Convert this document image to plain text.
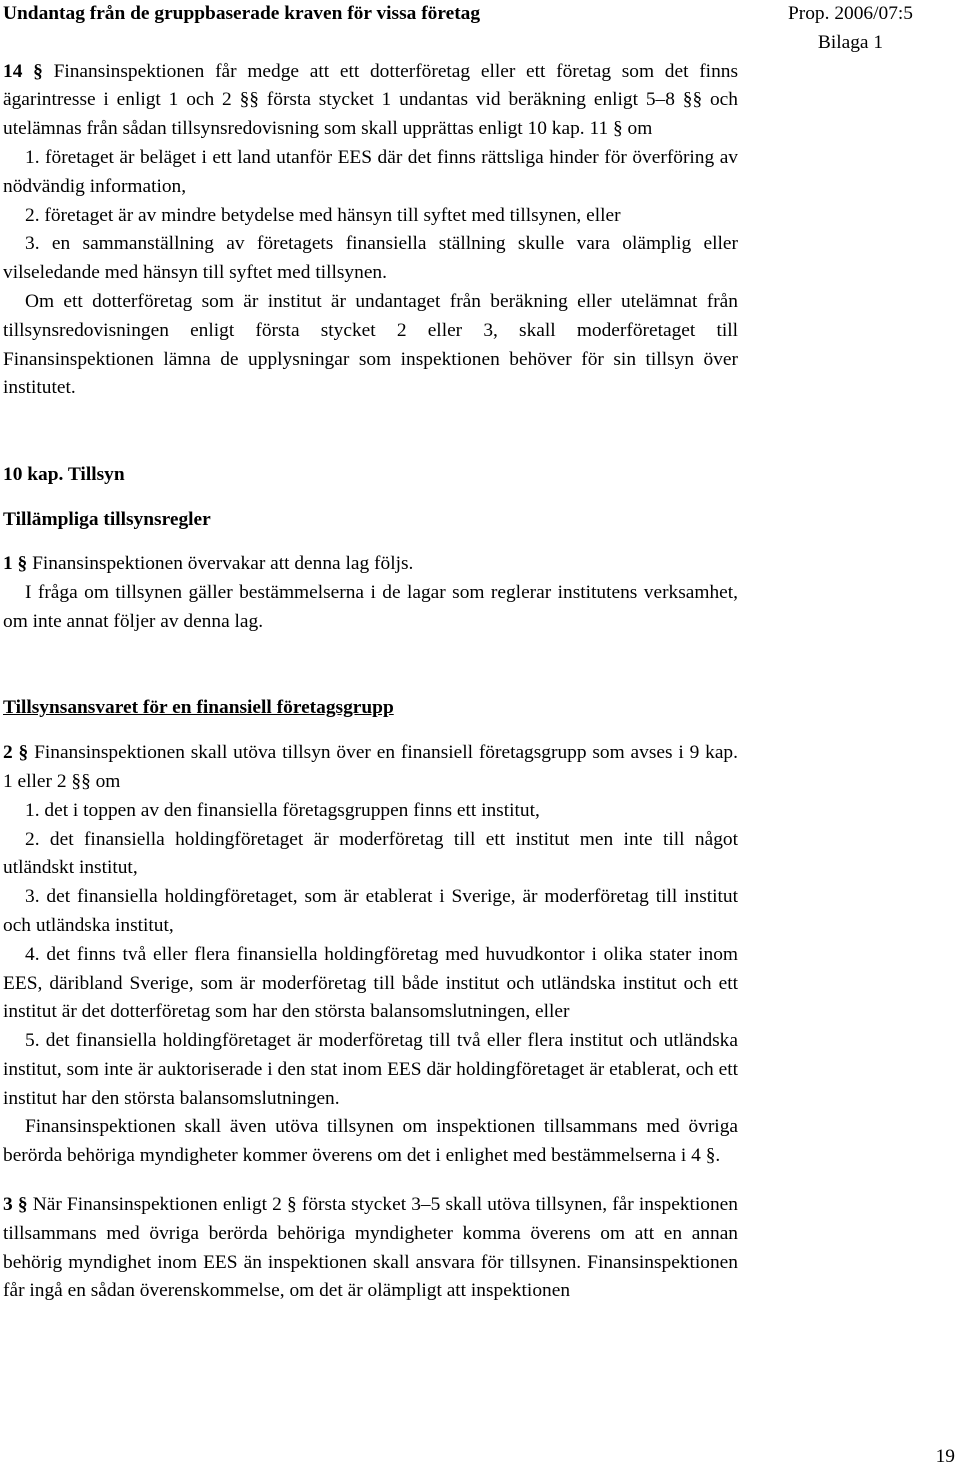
Prop. 2006/07:5
Bilaga 1
Undantag från de gruppbaserade kraven för vissa företag

14 § Finansinspektionen får medge att ett dotterföretag eller ett företag som det finns ägarintresse i enligt 1 och 2 §§ första stycket 1 undantas vid beräkning enligt 5–8 §§ och utelämnas från sådan tillsynsredovisning som skall upprättas enligt 10 kap. 11 § om

1. företaget är beläget i ett land utanför EES där det finns rättsliga hinder för överföring av nödvändig information,

2. företaget är av mindre betydelse med hänsyn till syftet med tillsynen, eller

3. en sammanställning av företagets finansiella ställning skulle vara olämplig eller vilseledande med hänsyn till syftet med tillsynen.

Om ett dotterföretag som är institut är undantaget från beräkning eller utelämnat från tillsynsredovisningen enligt första stycket 2 eller 3, skall moderföretaget till Finansinspektionen lämna de upplysningar som inspektionen behöver för sin tillsyn över institutet.

10 kap. Tillsyn
Tillämpliga tillsynsregler

1 § Finansinspektionen övervakar att denna lag följs.

I fråga om tillsynen gäller bestämmelserna i de lagar som reglerar institutens verksamhet, om inte annat följer av denna lag.

Tillsynsansvaret för en finansiell företagsgrupp

2 § Finansinspektionen skall utöva tillsyn över en finansiell företagsgrupp som avses i 9 kap. 1 eller 2 §§ om

1. det i toppen av den finansiella företagsgruppen finns ett institut,

2. det finansiella holdingföretaget är moderföretag till ett institut men inte till något utländskt institut,

3. det finansiella holdingföretaget, som är etablerat i Sverige, är moderföretag till institut och utländska institut,

4. det finns två eller flera finansiella holdingföretag med huvudkontor i olika stater inom EES, däribland Sverige, som är moderföretag till både institut och utländska institut och ett institut är det dotterföretag som har den största balansomslutningen, eller

5. det finansiella holdingföretaget är moderföretag till två eller flera institut och utländska institut, som inte är auktoriserade i den stat inom EES där holdingföretaget är etablerat, och ett institut har den största balansomslutningen.

Finansinspektionen skall även utöva tillsynen om inspektionen tillsammans med övriga berörda behöriga myndigheter kommer överens om det i enlighet med bestämmelserna i 4 §.

3 § När Finansinspektionen enligt 2 § första stycket 3–5 skall utöva tillsynen, får inspektionen tillsammans med övriga berörda behöriga myndigheter komma överens om att en annan behörig myndighet inom EES än inspektionen skall ansvara för tillsynen. Finansinspektionen får ingå en sådan överenskommelse, om det är olämpligt att inspektionen

19
